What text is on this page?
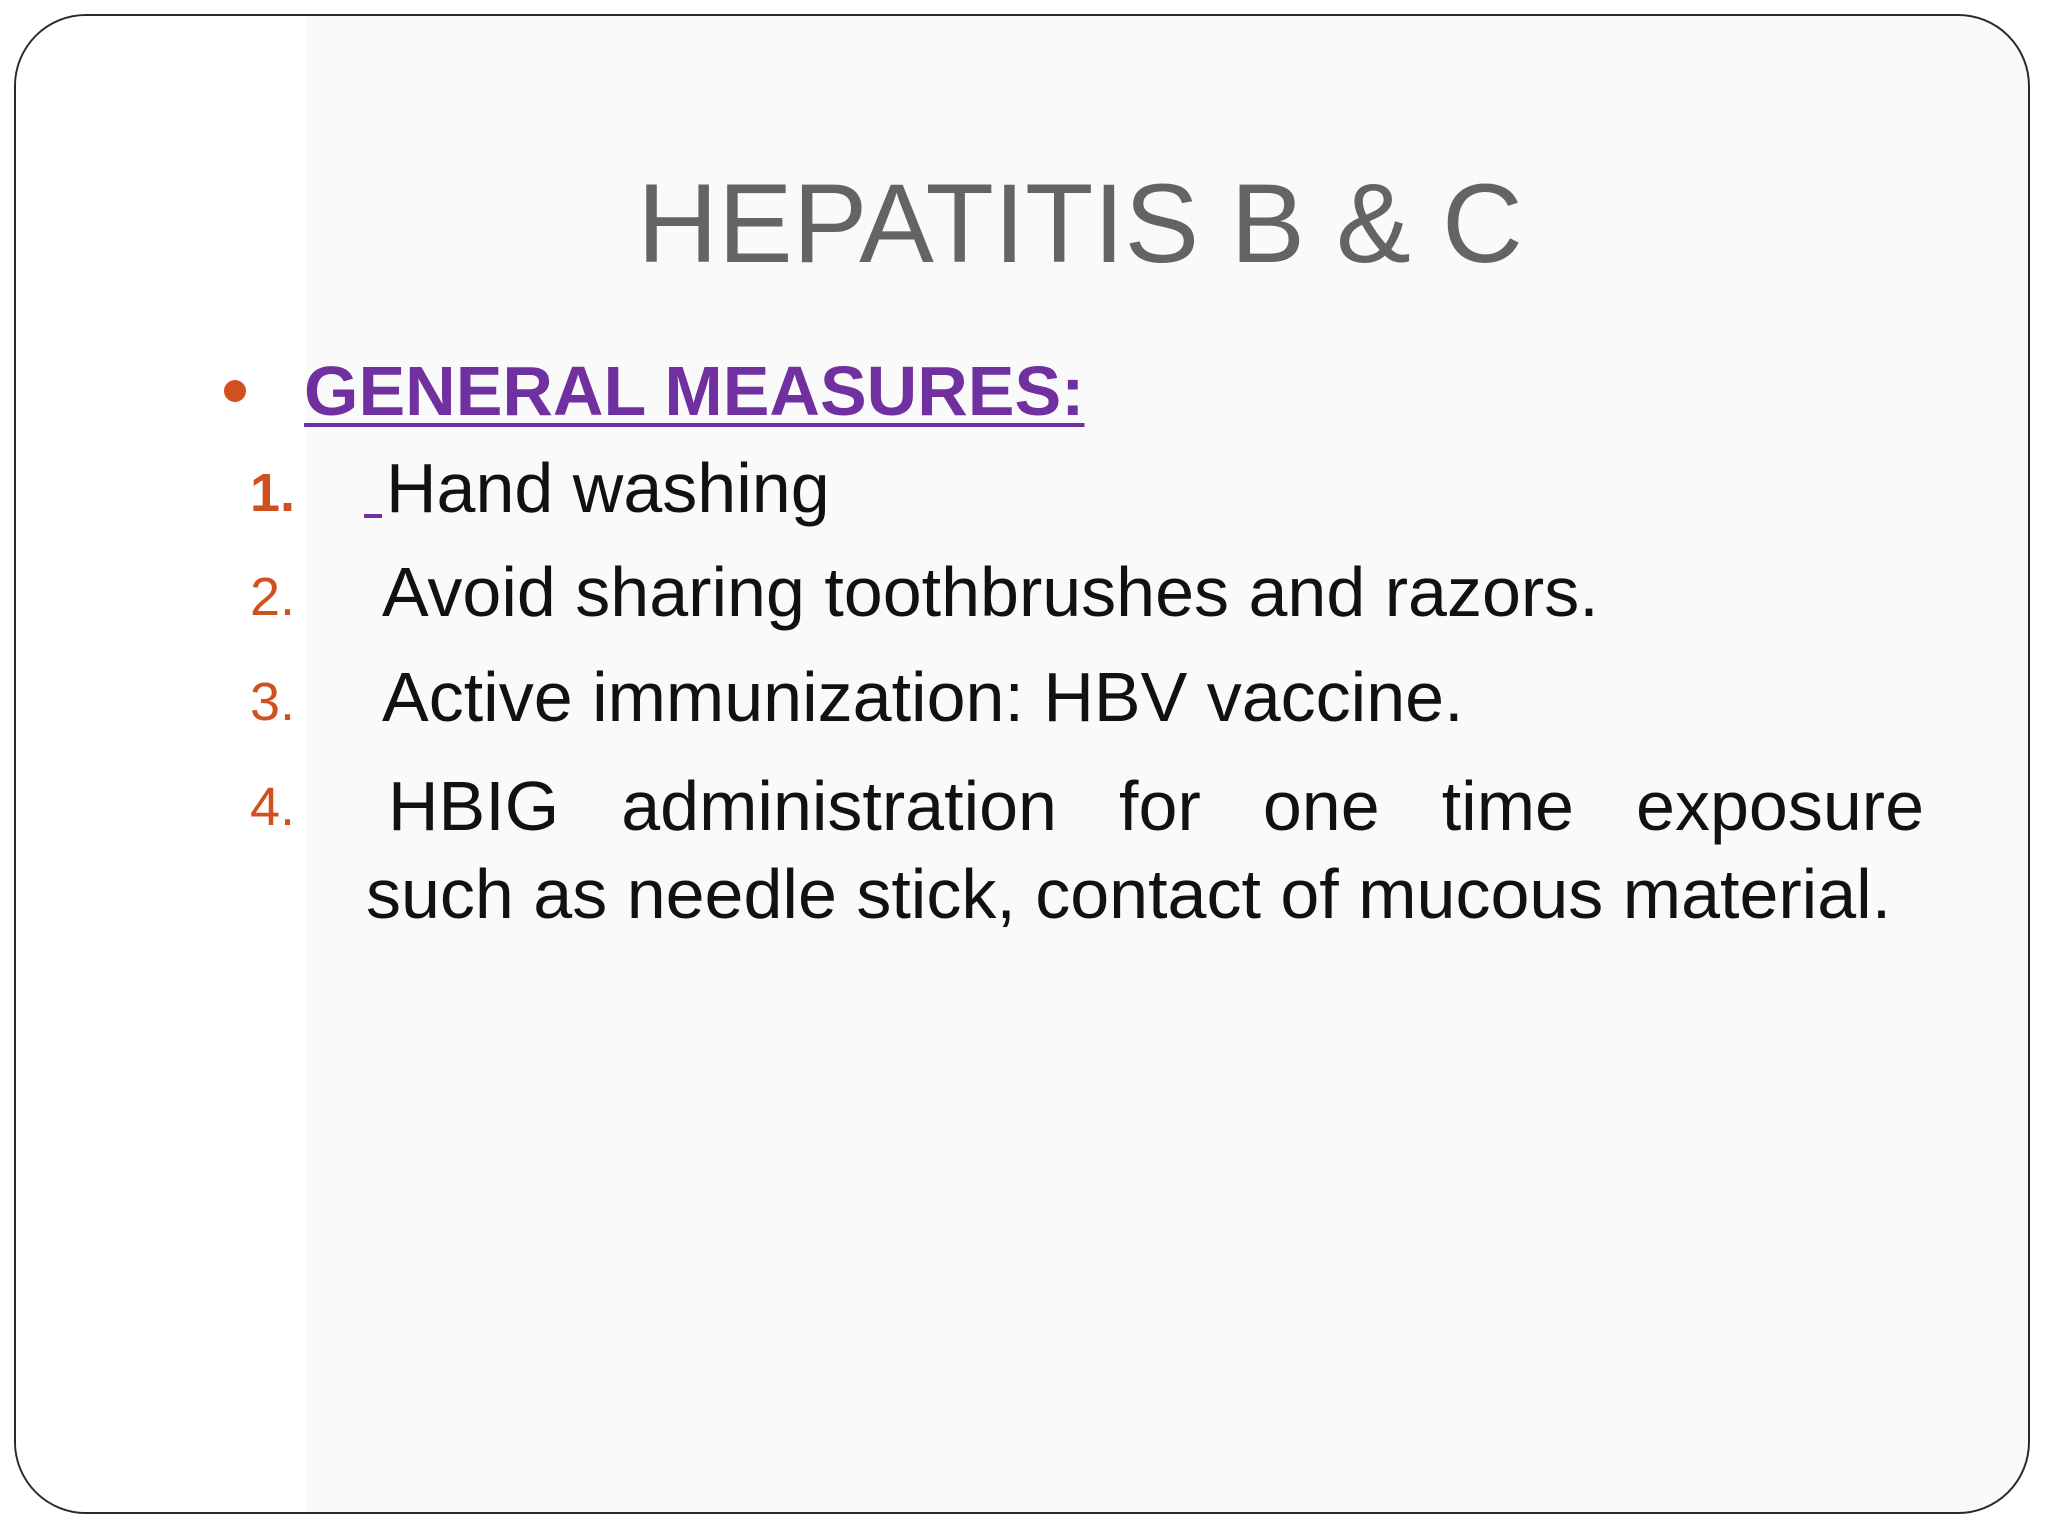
HEPATITIS B & C
GENERAL MEASURES:
1.	Hand washing
2. Avoid sharing toothbrushes and razors.
3. Active immunization: HBV vaccine.
4.	HBIG administration for one time exposure
such as needle stick, contact of mucous material.
